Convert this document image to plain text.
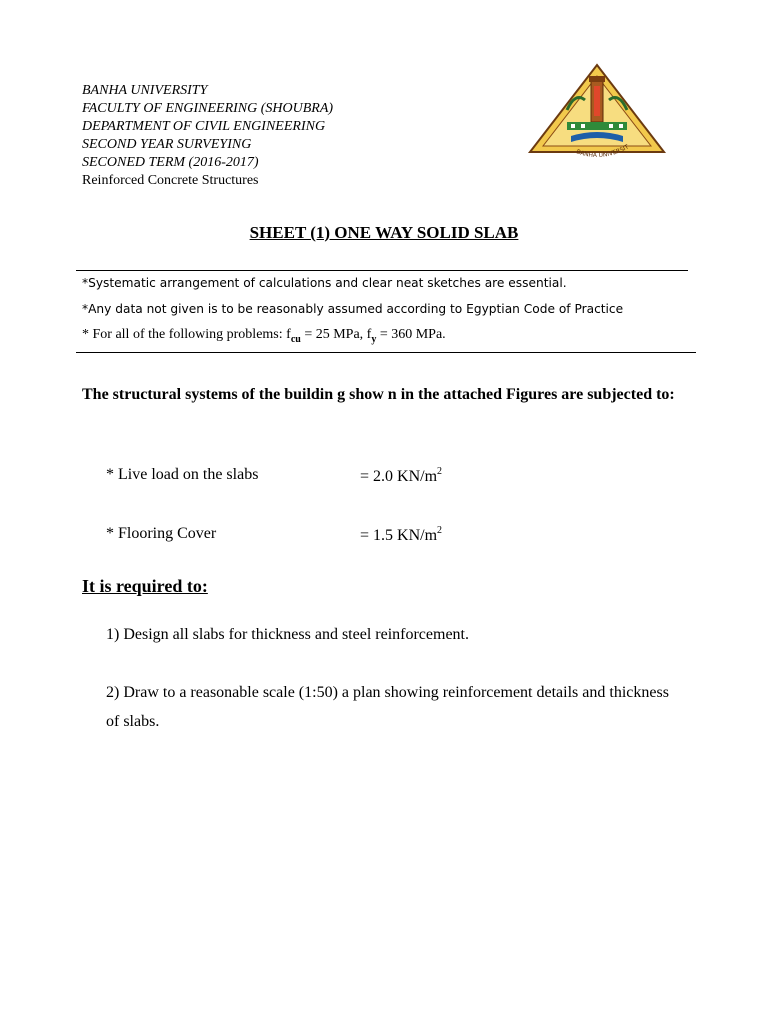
BANHA UNIVERSITY
FACULTY OF ENGINEERING (SHOUBRA)
DEPARTMENT OF CIVIL ENGINEERING
SECOND YEAR SURVEYING
SECONED TERM (2016-2017)
Reinforced Concrete Structures
BANHA UNIVERSIT
SHEET (1) ONE WAY SOLID SLAB
*Systematic arrangement of calculations and clear neat sketches are essential.
*Any data not given is to be reasonably assumed according to Egyptian Code of Practice
* For all of the following problems: $f_{cu} = 25$ MPa, $f_y = 360$ MPa.
The structural systems of the buildin g show n in the attached Figures are subjected to:
* Live load on the slabs	= 2.0 $KN/m^2$
* Flooring Cover	= 1.5 $KN/m^2$
It is required to:
1) Design all slabs for thickness and steel reinforcement.
2) Draw to a reasonable scale (1:50) a plan showing reinforcement details and thickness of slabs.
